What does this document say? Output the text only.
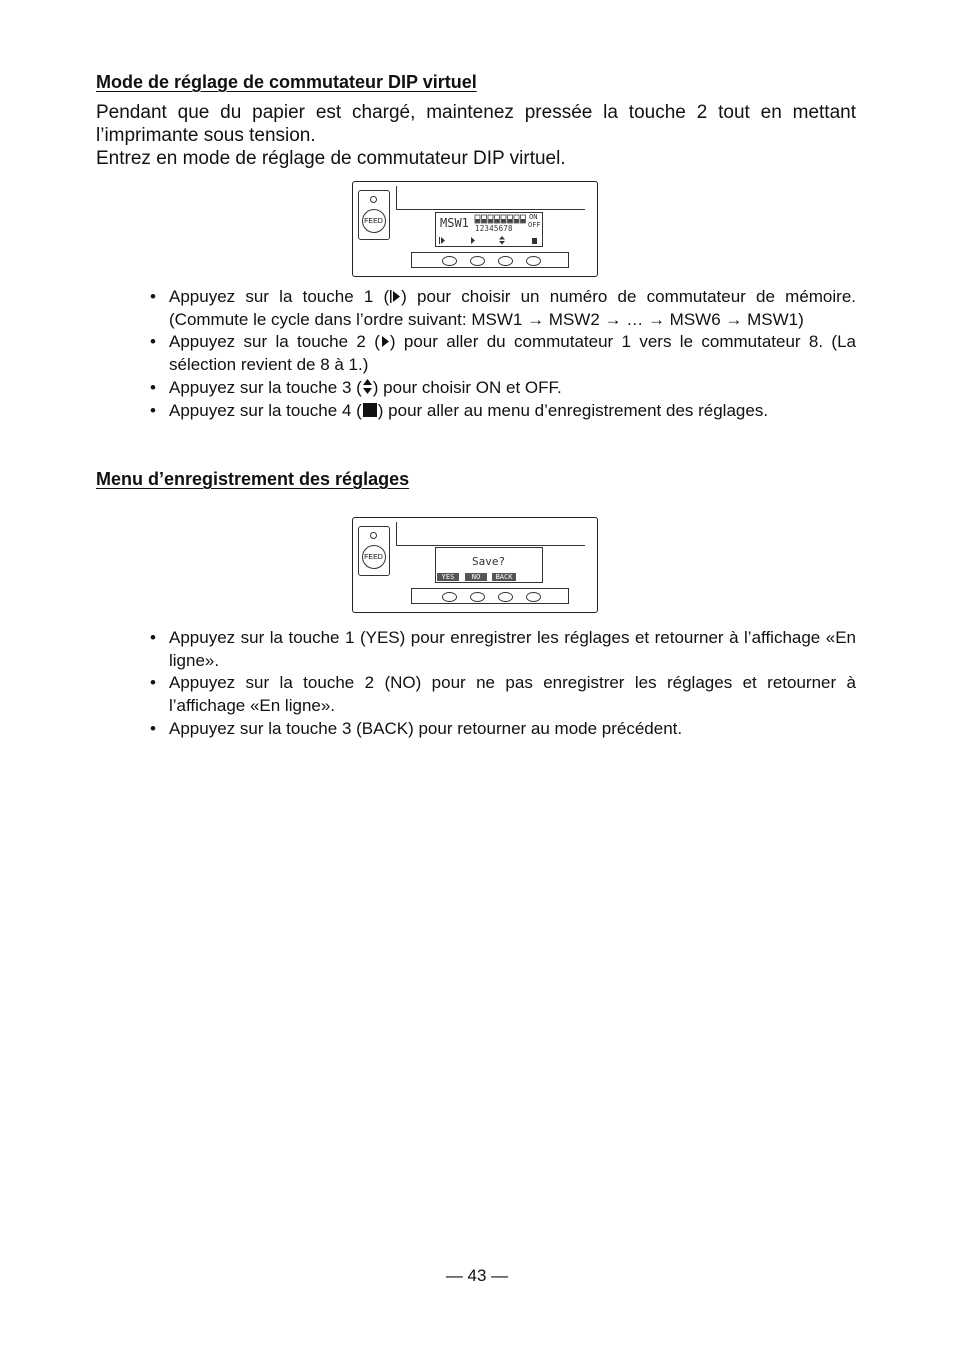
Mode de réglage de commutateur DIP virtuel

Pendant que du papier est chargé, maintenez pressée la touche 2 tout en mettant l’imprimante sous tension.

Entrez en mode de réglage de commutateur DIP virtuel.

FEED	MSW1	ON
OFF
12345678
• Appuyez sur la touche 1 ( ) pour choisir un numéro de commutateur de mémoire. (Commute le cycle dans l’ordre suivant: MSW1 → MSW2 → … → MSW6 → MSW1)
• Appuyez sur la touche 2 ( ) pour aller du commutateur 1 vers le commutateur 8. (La sélection revient de 8 à 1.)
• Appuyez sur la touche 3 ( ) pour choisir ON et OFF.
• Appuyez sur la touche 4 ( ) pour aller au menu d’enregistrement des réglages.
Menu d’enregistrement des réglages
FEED	Save?
YES	NO	BACK
• Appuyez sur la touche 1 (YES) pour enregistrer les réglages et retourner à l’affichage «En ligne».
• Appuyez sur la touche 2 (NO) pour ne pas enregistrer les réglages et retourner à l’affichage «En ligne».
• Appuyez sur la touche 3 (BACK) pour retourner au mode précédent.
— 43 —
